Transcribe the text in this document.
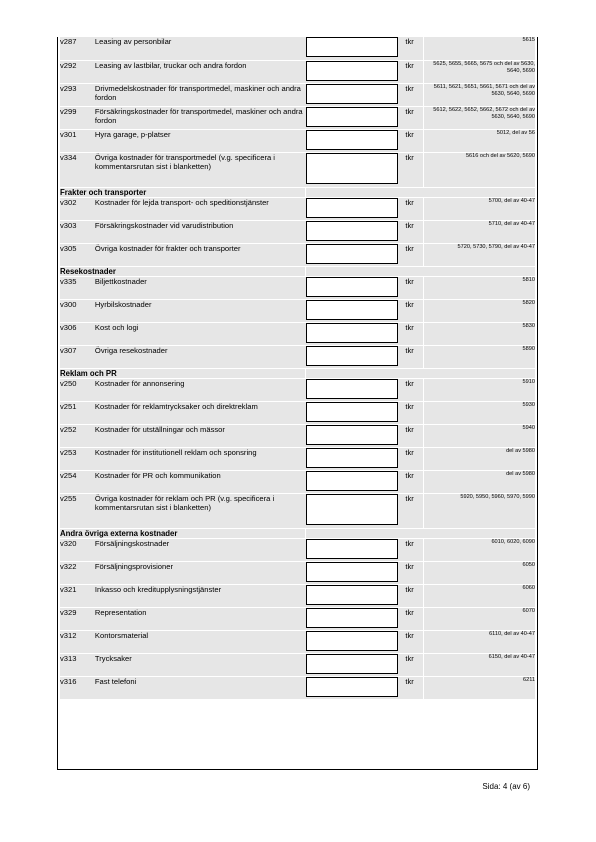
v287	Leasing av personbilar		tkr	5615
v292	Leasing av lastbilar, truckar och andra fordon		tkr	5625, 5655, 5665, 5675 och del av 5630, 5640, 5690
v293	Drivmedelskostnader för transportmedel, maskiner och andra fordon		tkr	5611, 5621, 5651, 5661, 5671 och del av 5630, 5640, 5690
v299	Försäkringskostnader för transportmedel, maskiner och andra fordon		tkr	5612, 5622, 5652, 5662, 5672 och del av 5630, 5640, 5690
v301	Hyra garage, p-platser		tkr	5012, del av 56
v334	Övriga kostnader för transportmedel (v.g. specificera i kommentarsrutan sist i blanketten)		tkr	5616 och del av 5620, 5690
Frakter och transporter				
v302	Kostnader för lejda transport- och speditionstjänster		tkr	5700, del av 40-47
v303	Försäkringskostnader vid varudistribution		tkr	5710, del av 40-47
v305	Övriga kostnader för frakter och transporter		tkr	5720, 5730, 5790, del av 40-47
Resekostnader				
v335	Biljettkostnader		tkr	5810
v300	Hyrbilskostnader		tkr	5820
v306	Kost och logi		tkr	5830
v307	Övriga resekostnader		tkr	5890
Reklam och PR				
v250	Kostnader för annonsering		tkr	5910
v251	Kostnader för reklamtrycksaker och direktreklam		tkr	5930
v252	Kostnader för utställningar och mässor		tkr	5940
v253	Kostnader för institutionell reklam och sponsring		tkr	del av 5980
v254	Kostnader för PR och kommunikation		tkr	del av 5980
v255	Övriga kostnader för reklam och PR (v.g. specificera i kommentarsrutan sist i blanketten)		tkr	5920, 5950, 5960, 5970, 5990
Andra övriga externa kostnader				
v320	Försäljningskostnader		tkr	6010, 6020, 6090
v322	Försäljningsprovisioner		tkr	6050
v321	Inkasso och kreditupplysningstjänster		tkr	6060
v329	Representation		tkr	6070
v312	Kontorsmaterial		tkr	6110, del av 40-47
v313	Trycksaker		tkr	6150, del av 40-47
v316	Fast telefoni		tkr	6211
Sida: 4 (av 6)
